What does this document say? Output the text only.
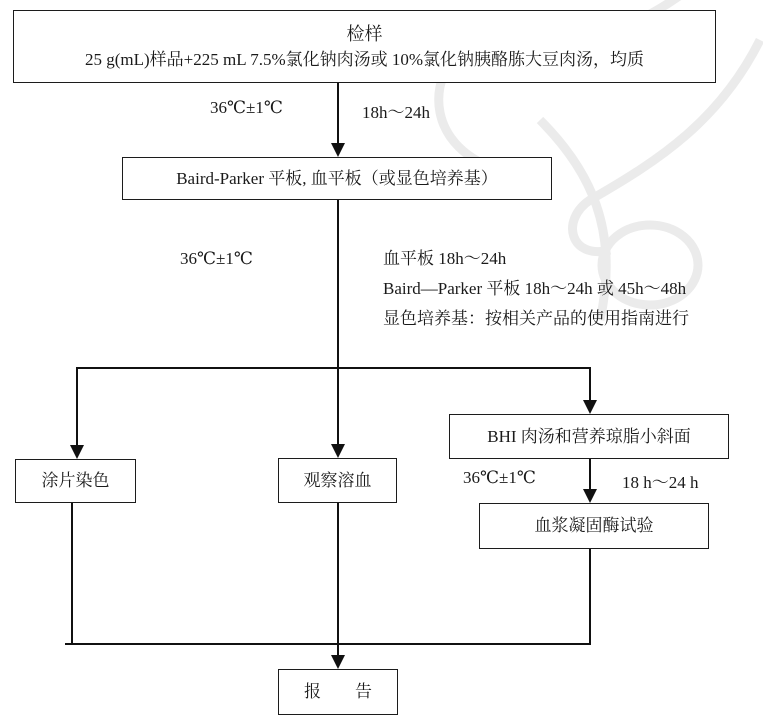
检样
25 g(mL)样品+225 mL 7.5%氯化钠肉汤或 10%氯化钠胰酪胨大豆肉汤，均质
Baird-Parker 平板, 血平板（或显色培养基）
涂片染色	观察溶血
BHI 肉汤和营养琼脂小斜面
血浆凝固酶试验
报　　告
36℃±1℃	18h～24h
36℃±1℃	血平板 18h～24h
Baird—Parker 平板 18h～24h 或 45h～48h
显色培养基：按相关产品的使用指南进行
36℃±1℃	18 h～24 h
